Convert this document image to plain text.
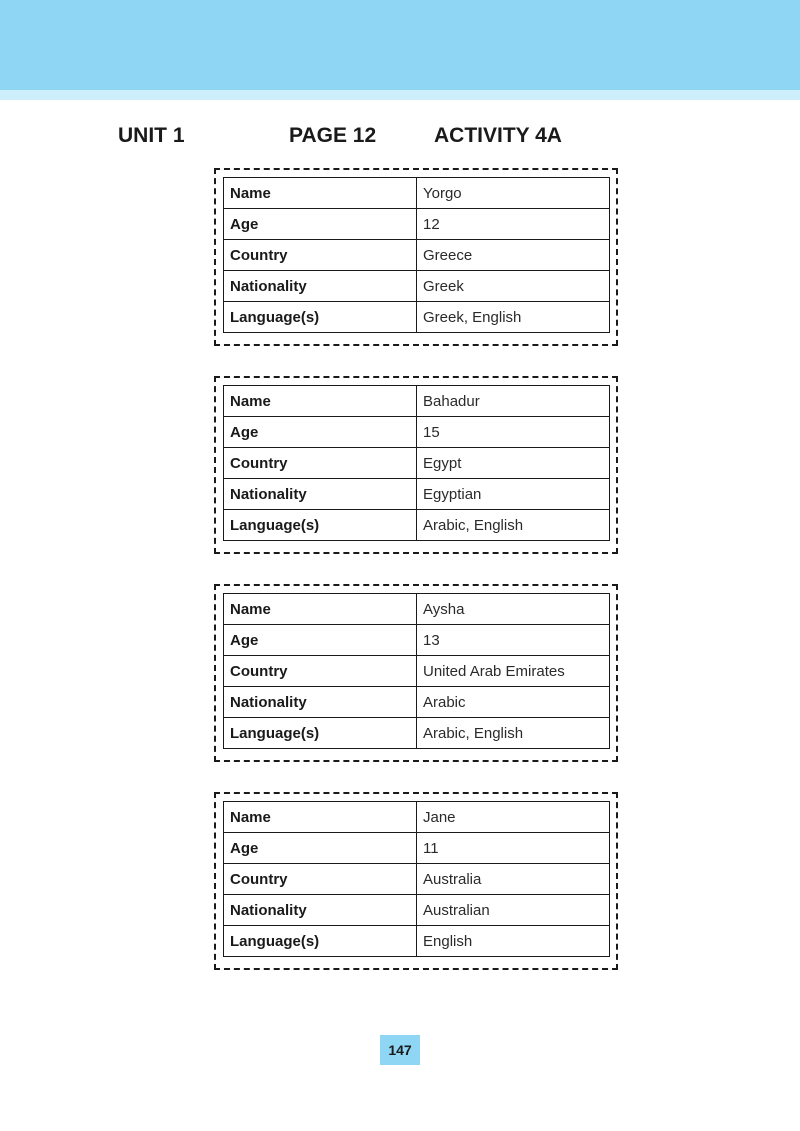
UNIT 1	PAGE 12	ACTIVITY 4A
Name	Yorgo
Age	12
Country	Greece
Nationality	Greek
Language(s)	Greek, English
Name	Bahadur
Age	15
Country	Egypt
Nationality	Egyptian
Language(s)	Arabic, English
Name	Aysha
Age	13
Country	United Arab Emirates
Nationality	Arabic
Language(s)	Arabic, English
Name	Jane
Age	11
Country	Australia
Nationality	Australian
Language(s)	English
147
